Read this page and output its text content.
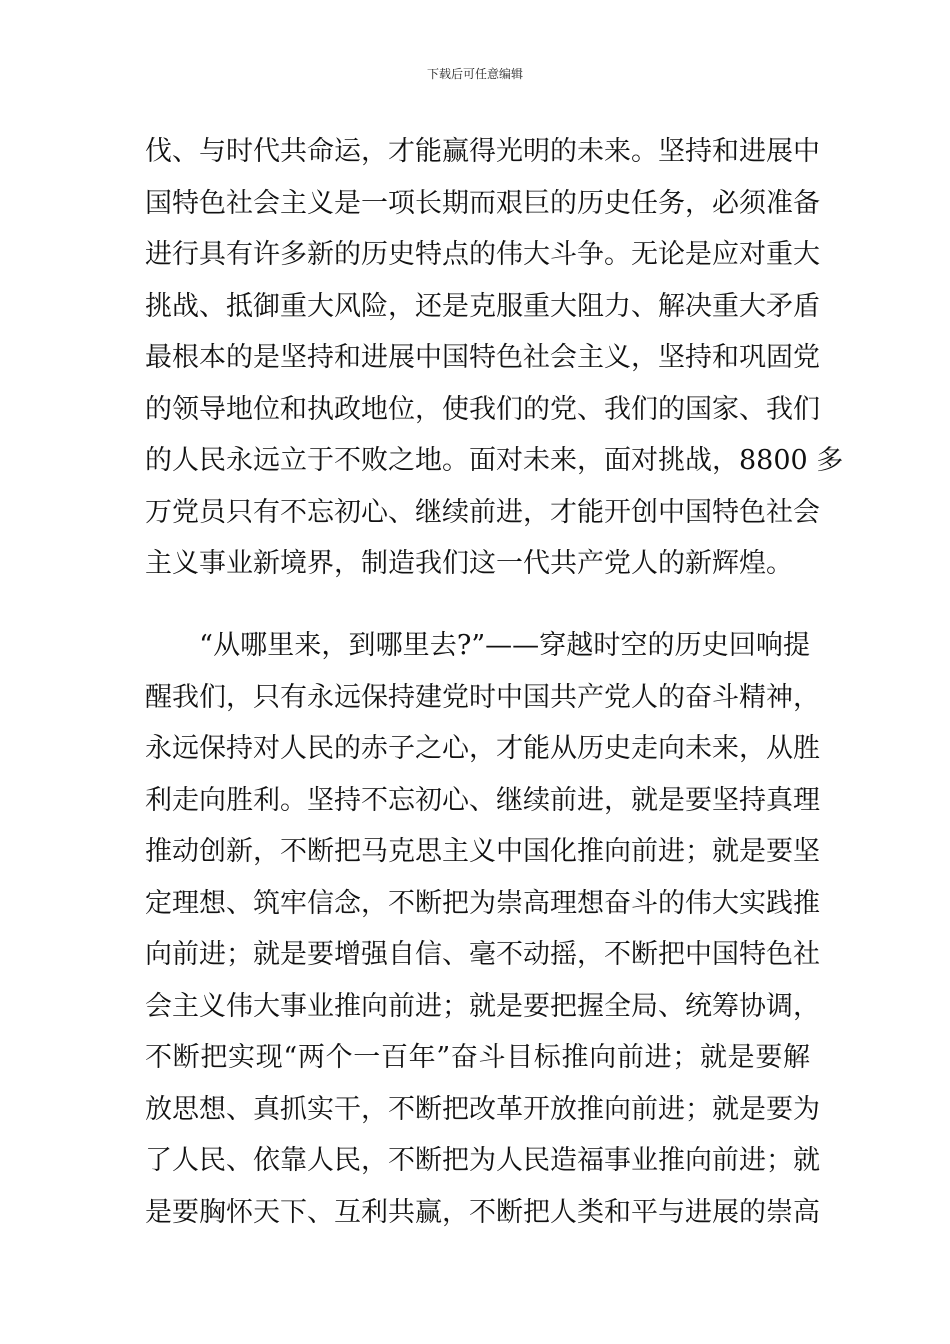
下载后可任意编辑
伐、与时代共命运，才能赢得光明的未来。坚持和进展中
国特色社会主义是一项长期而艰巨的历史任务，必须准备
进行具有许多新的历史特点的伟大斗争。无论是应对重大
挑战、抵御重大风险，还是克服重大阻力、解决重大矛盾
最根本的是坚持和进展中国特色社会主义，坚持和巩固党
的领导地位和执政地位，使我们的党、我们的国家、我们
的人民永远立于不败之地。面对未来，面对挑战，8800 多
万党员只有不忘初心、继续前进，才能开创中国特色社会
主义事业新境界，制造我们这一代共产党人的新辉煌。
　　“从哪里来，到哪里去?”——穿越时空的历史回响提
醒我们，只有永远保持建党时中国共产党人的奋斗精神，
永远保持对人民的赤子之心，才能从历史走向未来，从胜
利走向胜利。坚持不忘初心、继续前进，就是要坚持真理
推动创新，不断把马克思主义中国化推向前进；就是要坚
定理想、筑牢信念，不断把为崇高理想奋斗的伟大实践推
向前进；就是要增强自信、毫不动摇，不断把中国特色社
会主义伟大事业推向前进；就是要把握全局、统筹协调，
不断把实现“两个一百年”奋斗目标推向前进；就是要解
放思想、真抓实干，不断把改革开放推向前进；就是要为
了人民、依靠人民，不断把为人民造福事业推向前进；就
是要胸怀天下、互利共赢，不断把人类和平与进展的崇高
